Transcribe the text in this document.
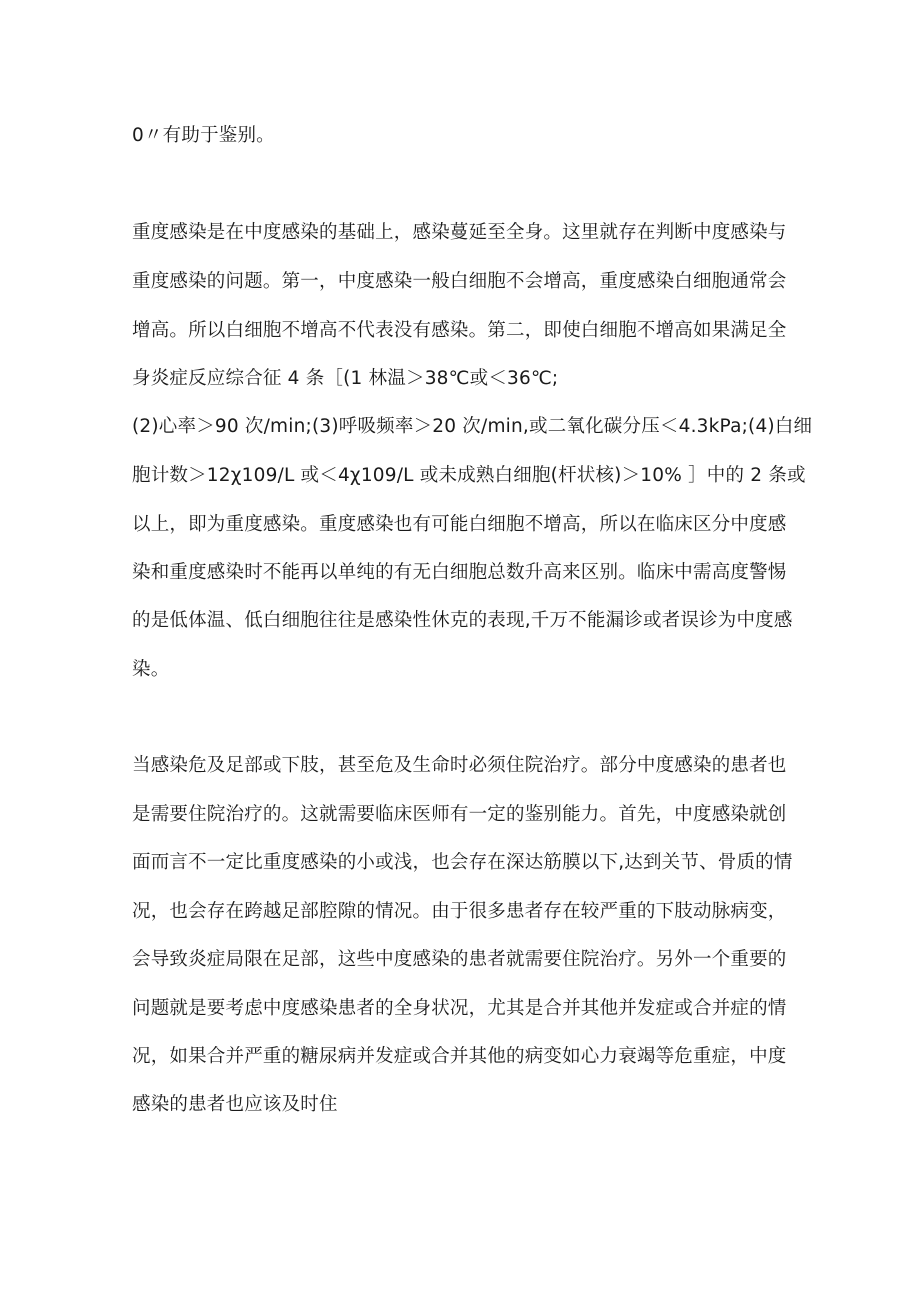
0〃有助于鉴别。
重度感染是在中度感染的基础上，感染蔓延至全身。这里就存在判断中度感染与
重度感染的问题。第一，中度感染一般白细胞不会增高，重度感染白细胞通常会
增高。所以白细胞不增高不代表没有感染。第二，即使白细胞不增高如果满足全
身炎症反应综合征 4 条［(1 林温＞38℃或＜36℃;
(2)心率＞90 次/min;(3)呼吸频率＞20 次/min,或二氧化碳分压＜4.3kPa;(4)白细
胞计数＞12χ109/L 或＜4χ109/L 或未成熟白细胞(杆状核)＞10% ］中的 2 条或
以上，即为重度感染。重度感染也有可能白细胞不增高，所以在临床区分中度感
染和重度感染时不能再以单纯的有无白细胞总数升高来区别。临床中需高度警惕
的是低体温、低白细胞往往是感染性休克的表现,千万不能漏诊或者误诊为中度感
染。
当感染危及足部或下肢，甚至危及生命时必须住院治疗。部分中度感染的患者也
是需要住院治疗的。这就需要临床医师有一定的鉴别能力。首先，中度感染就创
面而言不一定比重度感染的小或浅，也会存在深达筋膜以下,达到关节、骨质的情
况，也会存在跨越足部腔隙的情况。由于很多患者存在较严重的下肢动脉病变，
会导致炎症局限在足部，这些中度感染的患者就需要住院治疗。另外一个重要的
问题就是要考虑中度感染患者的全身状况，尤其是合并其他并发症或合并症的情
况，如果合并严重的糖尿病并发症或合并其他的病变如心力衰竭等危重症，中度
感染的患者也应该及时住
